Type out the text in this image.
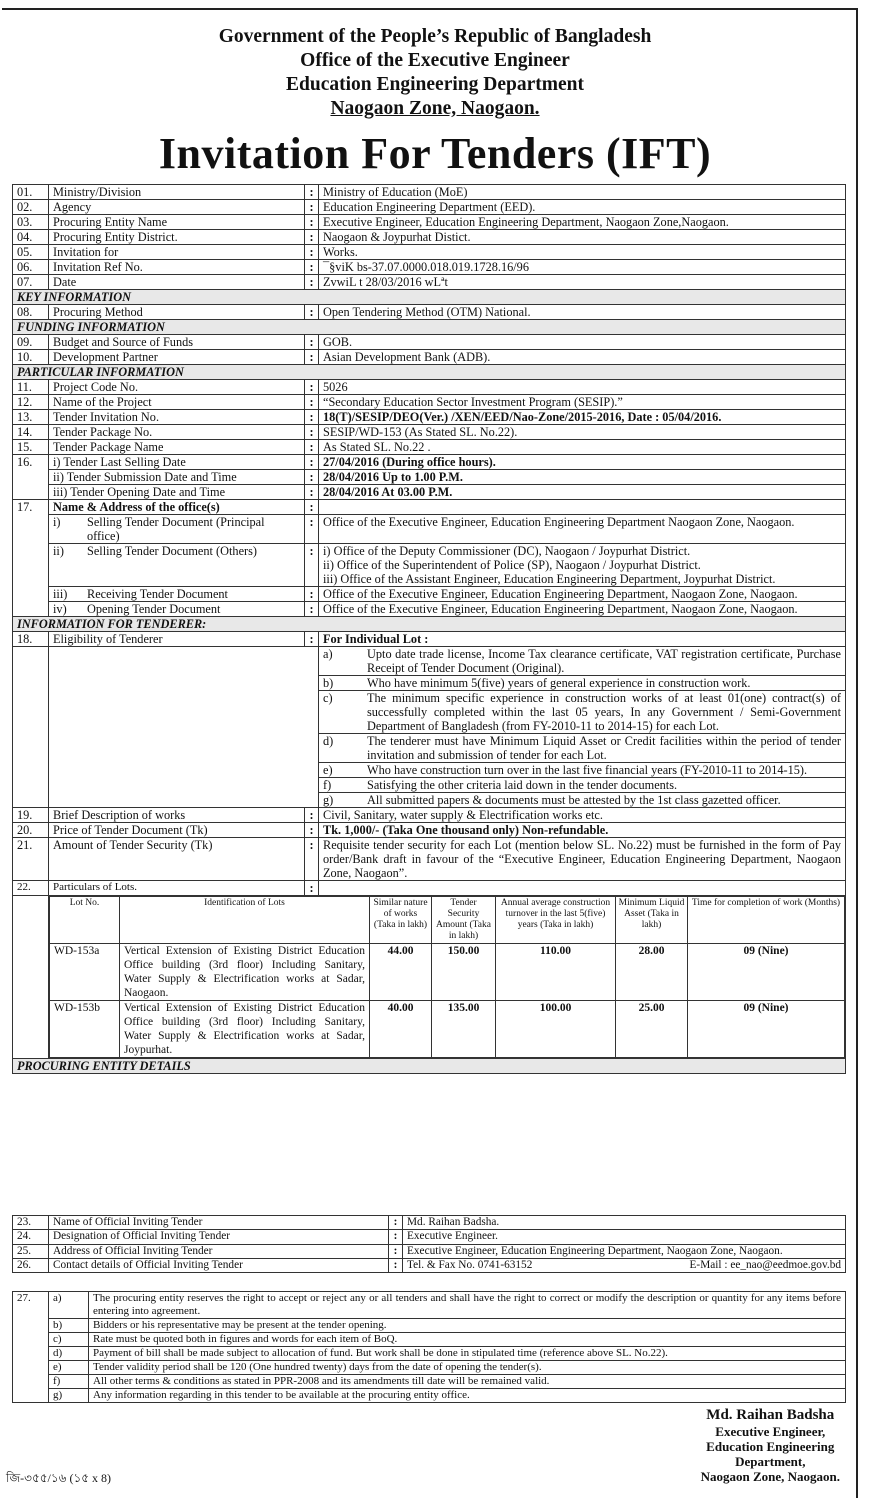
Government of the People’s Republic of Bangladesh
Office of the Executive Engineer
Education Engineering Department
Naogaon Zone, Naogaon.
Invitation For Tenders (IFT)
01.	Ministry/Division	:	Ministry of Education (MoE)
02.	Agency	:	Education Engineering Department (EED).
03.	Procuring Entity Name	:	Executive Engineer, Education Engineering Department, Naogaon Zone,Naogaon.
04.	Procuring Entity District.	:	Naogaon & Joypurhat Distict.
05.	Invitation for	:	Works.
06.	Invitation Ref No.	:	¯§viK bs-37.07.0000.018.019.1728.16/96
07.	Date	:	ZvwiL t 28/03/2016 wLªt
KEY INFORMATION
08.	Procuring Method	:	Open Tendering Method (OTM) National.
FUNDING INFORMATION
09.	Budget and Source of Funds	:	GOB.
10.	Development Partner	:	Asian Development Bank (ADB).
PARTICULAR INFORMATION
11.	Project Code No.	:	5026
12.	Name of the Project	:	“Secondary Education Sector Investment Program (SESIP).”
13.	Tender Invitation No.	:	18(T)/SESIP/DEO(Ver.) /XEN/EED/Nao-Zone/2015-2016, Date : 05/04/2016.
14.	Tender Package No.	:	SESIP/WD-153 (As Stated SL. No.22).
15.	Tender Package Name	:	As Stated SL. No.22 .
16.	i) Tender Last Selling Date	:	27/04/2016 (During office hours).
ii) Tender Submission Date and Time	:	28/04/2016 Up to 1.00 P.M.
iii) Tender Opening Date and Time	:	28/04/2016 At 03.00 P.M.
17.	Name & Address of the office(s)	:	

i)	Selling Tender Document (Principal office)
	:	Office of the Executive Engineer, Education Engineering Department Naogaon Zone, Naogaon.

ii)	Selling Tender Document (Others)	:	i) Office of the Deputy Commissioner (DC), Naogaon / Joypurhat District.
ii) Office of the Superintendent of Police (SP), Naogaon / Joypurhat District.
iii) Office of the Assistant Engineer, Education Engineering Department, Joypurhat District.

iii)	Receiving Tender Document	:	Office of the Executive Engineer, Education Engineering Department, Naogaon Zone, Naogaon.

iv)	Opening Tender Document	:	Office of the Executive Engineer, Education Engineering Department, Naogaon Zone, Naogaon.
INFORMATION FOR TENDERER:
18.	Eligibility of Tenderer	:	For Individual Lot :

a)	Upto date trade license, Income Tax clearance certificate, VAT registration certificate, Purchase Receipt of Tender Document (Original).

b)	Who have minimum 5(five) years of general experience in construction work.

c)	The minimum specific experience in construction works of at least 01(one) contract(s) of successfully completed within the last 05 years, In any Government / Semi-Government Department of Bangladesh (from FY-2010-11 to 2014-15) for each Lot.

d)	The tenderer must have Minimum Liquid Asset or Credit facilities within the period of tender invitation and submission of tender for each Lot.

e)	Who have construction turn over in the last five financial years (FY-2010-11 to 2014-15).

f)	Satisfying the other criteria laid down in the tender documents.

g)	All submitted papers & documents must be attested by the 1st class gazetted officer.

19.	Brief Description of works	:	Civil, Sanitary, water supply & Electrification works etc.
20.	Price of Tender Document (Tk)	:	Tk. 1,000/- (Taka One thousand only) Non-refundable.
21.	Amount of Tender Security (Tk)	:	Requisite tender security for each Lot (mention below SL. No.22) must be furnished in the form of Pay order/Bank draft in favour of the “Executive Engineer, Education Engineering Department, Naogaon Zone, Naogaon”.
22.	Particulars of Lots.	:	

Lot No.	Identification of Lots	Similar nature of works (Taka in lakh)	Tender Security Amount (Taka in lakh)	Annual average construction turnover in the last 5(five) years (Taka in lakh)	Minimum Liquid Asset (Taka in lakh)	Time for completion of work (Months)
WD-153a	Vertical Extension of Existing District Education Office building (3rd floor) Including Sanitary, Water Supply & Electrification works at Sadar, Naogaon.	44.00	150.00	110.00	28.00	09 (Nine)
WD-153b	Vertical Extension of Existing District Education Office building (3rd floor) Including Sanitary, Water Supply & Electrification works at Sadar, Joypurhat.	40.00	135.00	100.00	25.00	09 (Nine)

PROCURING ENTITY DETAILS
23.	Name of Official Inviting Tender	:	Md. Raihan Badsha.
24.	Designation of Official Inviting Tender	:	Executive Engineer.
25.	Address of Official Inviting Tender	:	Executive Engineer, Education Engineering Department, Naogaon Zone, Naogaon.
26.	Contact details of Official Inviting Tender	:	Tel. & Fax No. 0741-63152 E-Mail : ee_nao@eedmoe.gov.bd
27.	a)	The procuring entity reserves the right to accept or reject any or all tenders and shall have the right to correct or modify the description or quantity for any items before entering into agreement.
	b)	Bidders or his representative may be present at the tender opening.
	c)	Rate must be quoted both in figures and words for each item of BoQ.
	d)	Payment of bill shall be made subject to allocation of fund. But work shall be done in stipulated time (reference above SL. No.22).
	e)	Tender validity period shall be 120 (One hundred twenty) days from the date of opening the tender(s).
	f)	All other terms & conditions as stated in PPR-2008 and its amendments till date will be remained valid.
	g)	Any information regarding in this tender to be available at the procuring entity office.
Md. Raihan Badsha
Executive Engineer,
Education Engineering
Department,
Naogaon Zone, Naogaon.
জি-৩৫৫/১৬ (১৫ x 8)
